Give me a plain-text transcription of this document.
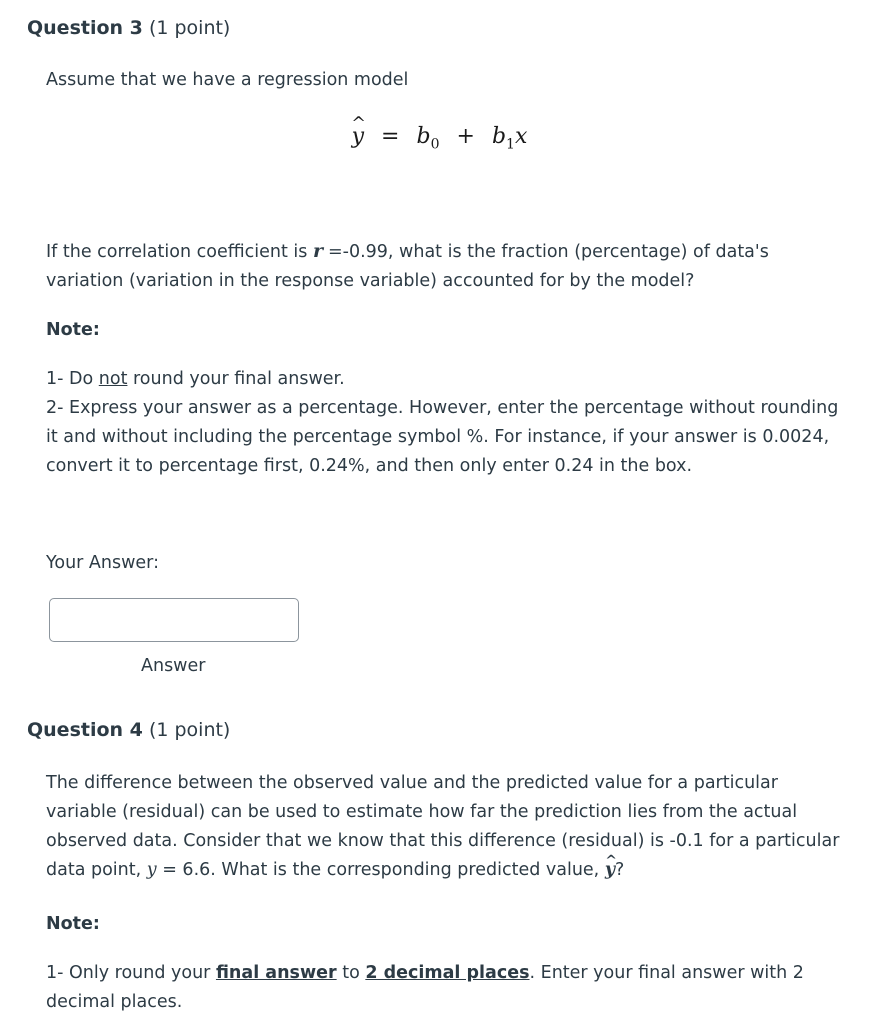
Question 3 (1 point)
Assume that we have a regression model
^ $y = b_0 + b_1x$
If the correlation coefficient is r =-0.99, what is the fraction (percentage) of data's variation (variation in the response variable) accounted for by the model?
Note:
1- Do not round your final answer.
2- Express your answer as a percentage. However, enter the percentage without rounding it and without including the percentage symbol %. For instance, if your answer is 0.0024, convert it to percentage first, 0.24%, and then only enter 0.24 in the box.
Your Answer:
Answer
Question 4 (1 point)
The difference between the observed value and the predicted value for a particular variable (residual) can be used to estimate how far the prediction lies from the actual observed data. Consider that we know that this difference (residual) is -0.1 for a particular data point, y = 6.6. What is the corresponding predicted value, ^ y?
Note:
1- Only round your final answer to 2 decimal places. Enter your final answer with 2 decimal places.
